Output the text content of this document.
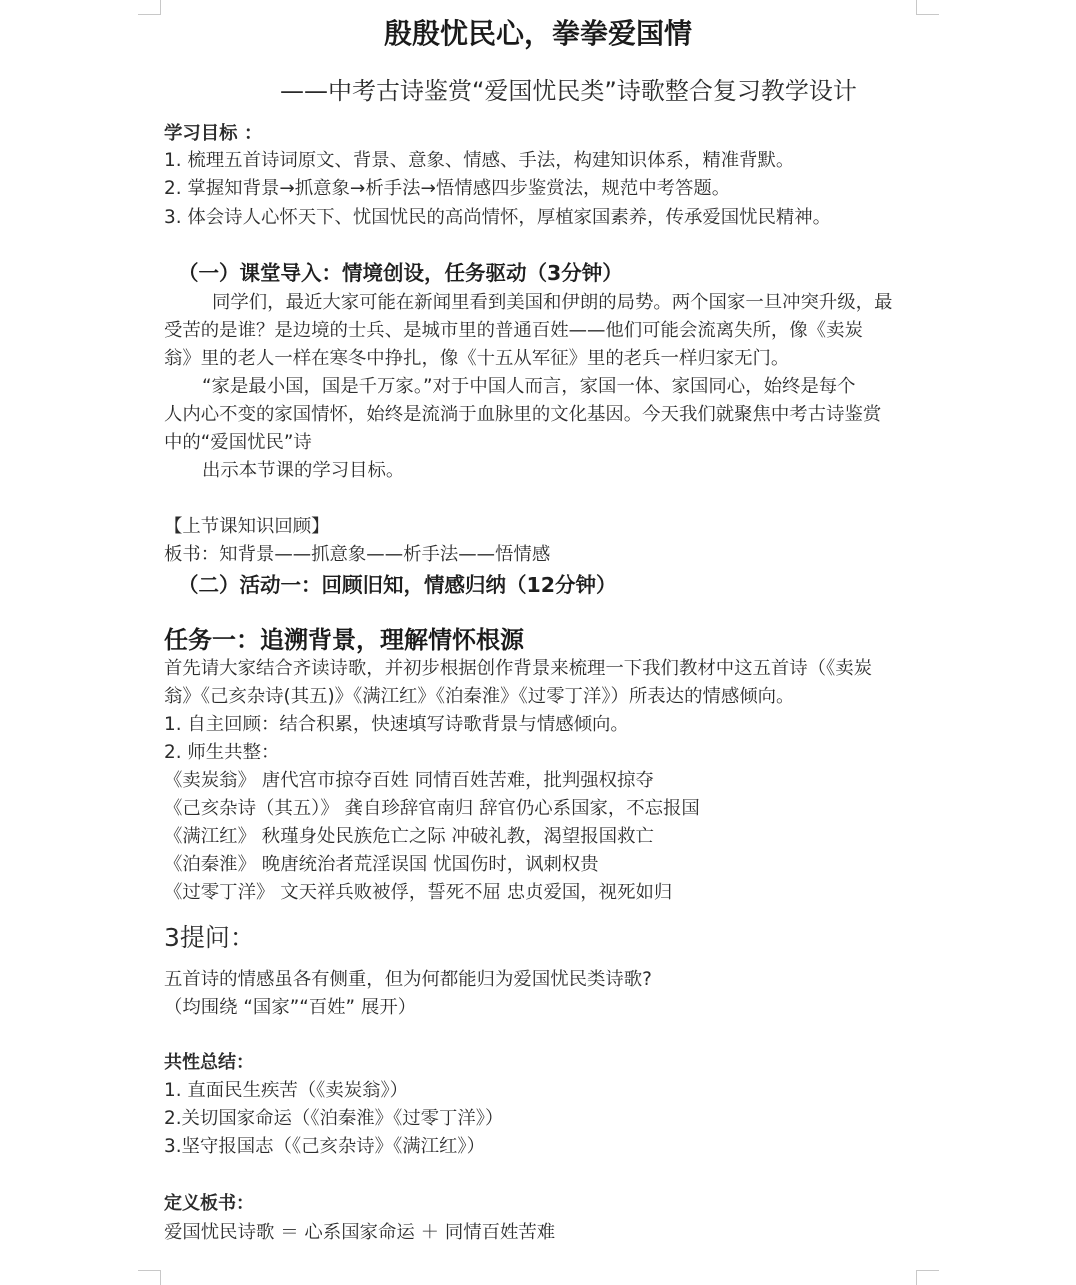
殷殷忧民心，拳拳爱国情
——中考古诗鉴赏“爱国忧民类”诗歌整合复习教学设计
学习目标 ：
1. 梳理五首诗词原文、背景、意象、情感、手法，构建知识体系，精准背默。
2. 掌握知背景→抓意象→析手法→悟情感四步鉴赏法，规范中考答题。
3. 体会诗人心怀天下、忧国忧民的高尚情怀，厚植家国素养，传承爱国忧民精神。
（一）课堂导入：情境创设，任务驱动（3分钟）
同学们，最近大家可能在新闻里看到美国和伊朗的局势。两个国家一旦冲突升级，最
受苦的是谁？是边境的士兵、是城市里的普通百姓——他们可能会流离失所，像《卖炭
翁》里的老人一样在寒冬中挣扎，像《十五从军征》里的老兵一样归家无门。
“家是最小国，国是千万家。”对于中国人而言，家国一体、家国同心，始终是每个
人内心不变的家国情怀，始终是流淌于血脉里的文化基因。今天我们就聚焦中考古诗鉴赏
中的“爱国忧民”诗
出示本节课的学习目标。
【上节课知识回顾】
板书：知背景——抓意象——析手法——悟情感
（二）活动一：回顾旧知，情感归纳（12分钟）
任务一：追溯背景，理解情怀根源
首先请大家结合齐读诗歌，并初步根据创作背景来梳理一下我们教材中这五首诗（《卖炭
翁》《己亥杂诗(其五)》《满江红》《泊秦淮》《过零丁洋》）所表达的情感倾向。
1. 自主回顾：结合积累，快速填写诗歌背景与情感倾向。
2. 师生共整：
《卖炭翁》 唐代宫市掠夺百姓 同情百姓苦难，批判强权掠夺
《己亥杂诗（其五）》 龚自珍辞官南归 辞官仍心系国家，不忘报国
《满江红》 秋瑾身处民族危亡之际 冲破礼教，渴望报国救亡
《泊秦淮》 晚唐统治者荒淫误国 忧国伤时，讽刺权贵
《过零丁洋》 文天祥兵败被俘，誓死不屈 忠贞爱国，视死如归
3提问：
五首诗的情感虽各有侧重，但为何都能归为爱国忧民类诗歌?
（均围绕 “国家”“百姓” 展开）
共性总结：
1. 直面民生疾苦（《卖炭翁》）
2.关切国家命运（《泊秦淮》《过零丁洋》）
3.坚守报国志（《己亥杂诗》《满江红》）
定义板书：
爱国忧民诗歌 ＝ 心系国家命运 ＋ 同情百姓苦难
